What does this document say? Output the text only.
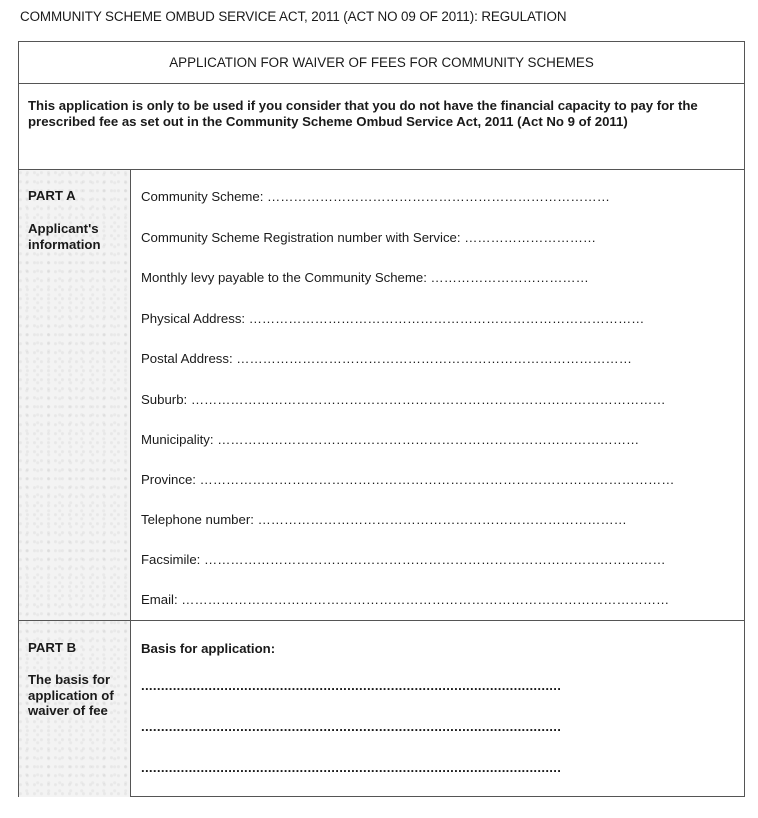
COMMUNITY SCHEME OMBUD SERVICE ACT, 2011 (ACT NO 09 OF 2011): REGULATION
APPLICATION FOR WAIVER OF FEES FOR COMMUNITY SCHEMES
This application is only to be used if you consider that you do not have the financial capacity to pay for the prescribed fee as set out in the Community Scheme Ombud Service Act, 2011 (Act No 9 of 2011)
PART A
Applicant's information
Community Scheme: ……………………………………………………………………
Community Scheme Registration number with Service: …………………………
Monthly levy payable to the Community Scheme: ………………………………
Physical Address: ………………………………………………………………………………
Postal Address: ………………………………………………………………………………
Suburb: ………………………………………………………………………………………………
Municipality: ……………………………………………………………………………………
Province: ………………………………………………………………………………………………
Telephone number: …………………………………………………………………………
Facsimile: ……………………………………………………………………………………………
Email: …………………………………………………………………………………………………
PART B
The basis for application of waiver of fee
Basis for application:
..........................................................................................................
..........................................................................................................
..........................................................................................................
